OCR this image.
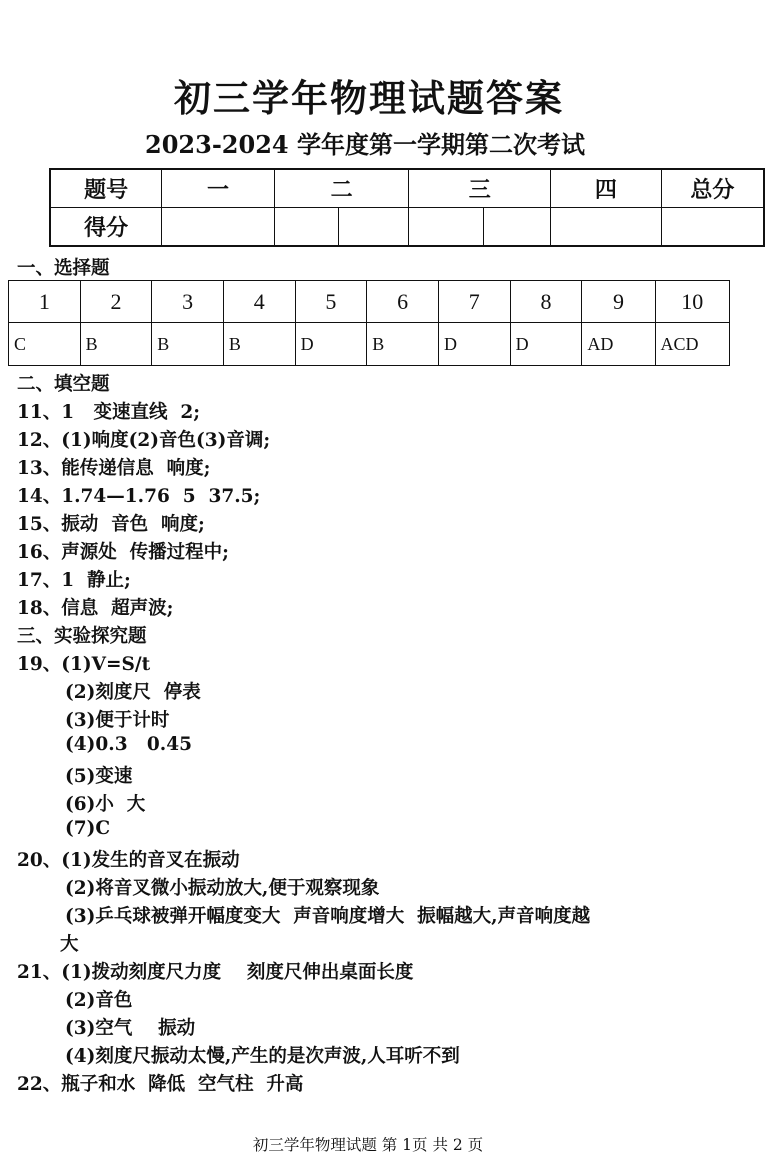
初三学年物理试题答案
2023-2024 学年度第一学期第二次考试
题号	一	二		三		四	总分
得分							
一、选择题
1	2	3	4	5	6	7	8	9	10
C	B	B	B	D	B	D	D	AD	ACD
二、填空题
11、1   变速直线  2;
12、(1)响度(2)音色(3)音调;
13、能传递信息  响度;
14、1.74—1.76  5  37.5;
15、振动  音色  响度;
16、声源处  传播过程中;
17、1  静止;
18、信息  超声波;
三、实验探究题
19、(1)V=S/t
(2)刻度尺  停表
(3)便于计时
(4)0.3   0.45
(5)变速
(6)小  大
(7)C
20、(1)发生的音叉在振动
(2)将音叉微小振动放大,便于观察现象
(3)乒乓球被弹开幅度变大  声音响度增大  振幅越大,声音响度越
大
21、(1)拨动刻度尺力度    刻度尺伸出桌面长度
(2)音色
(3)空气    振动
(4)刻度尺振动太慢,产生的是次声波,人耳听不到
22、瓶子和水  降低  空气柱  升高
初三学年物理试题 第 1页 共 2 页
